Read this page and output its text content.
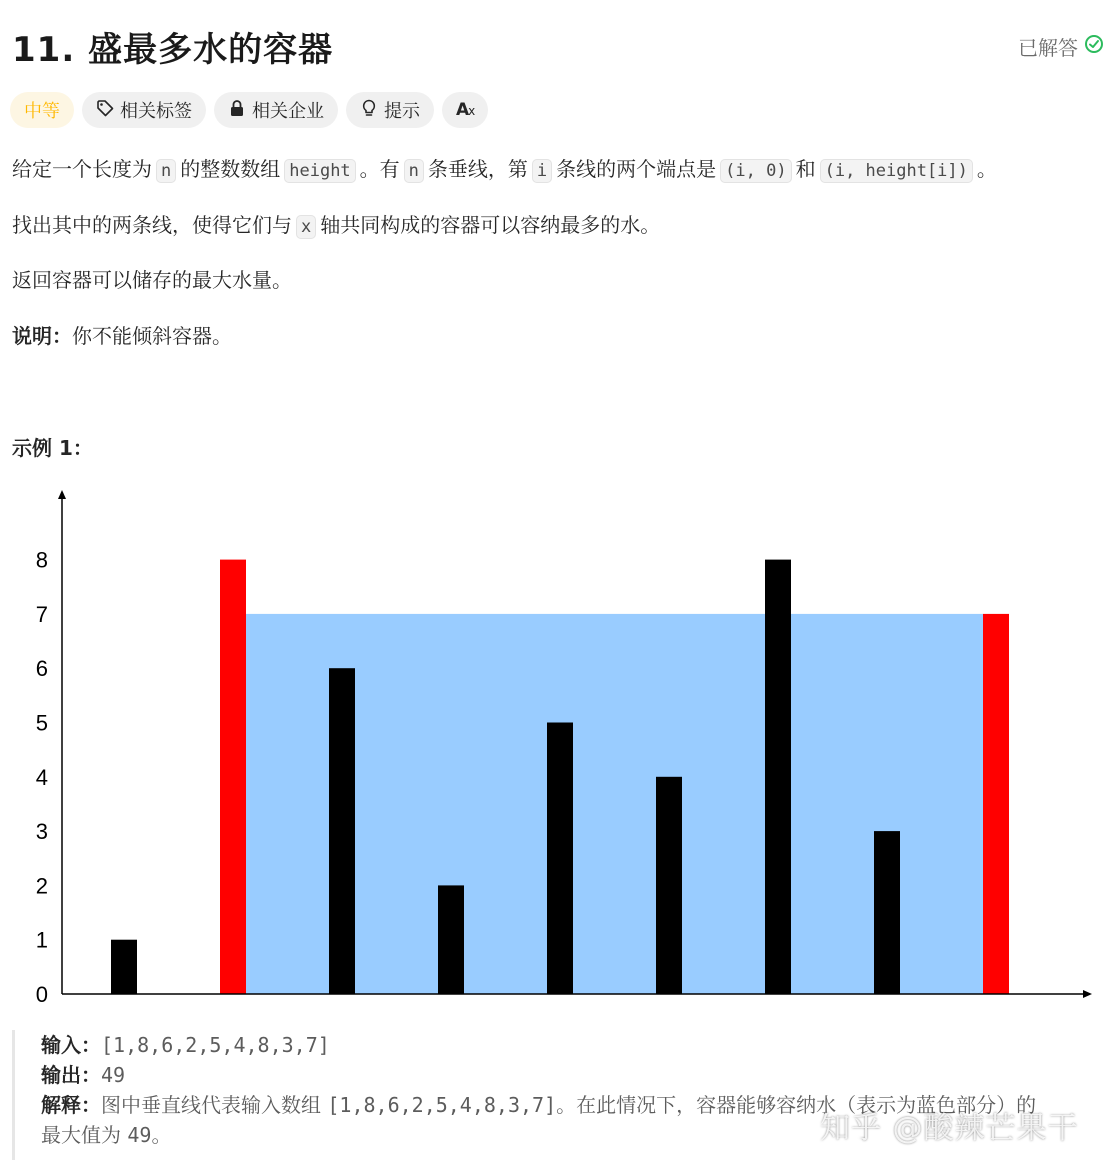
11. 盛最多水的容器	已解答
中等	相关标签	相关企业	提示 Ax

给定一个长度为 n 的整数数组 height 。有 n 条垂线，第 i 条线的两个端点是 (i, 0) 和 (i, height[i]) 。

找出其中的两条线，使得它们与 x 轴共同构成的容器可以容纳最多的水。

返回容器可以储存的最大水量。

说明：你不能倾斜容器。

示例 1：

0
1
2
3
4
5
6
7
8

输入：[1,8,6,2,5,4,8,3,7]

输出：49

解释：图中垂直线代表输入数组 [1,8,6,2,5,4,8,3,7]。在此情况下，容器能够容纳水（表示为蓝色部分）的

最大值为 49。	知乎 @酸辣芒果干
